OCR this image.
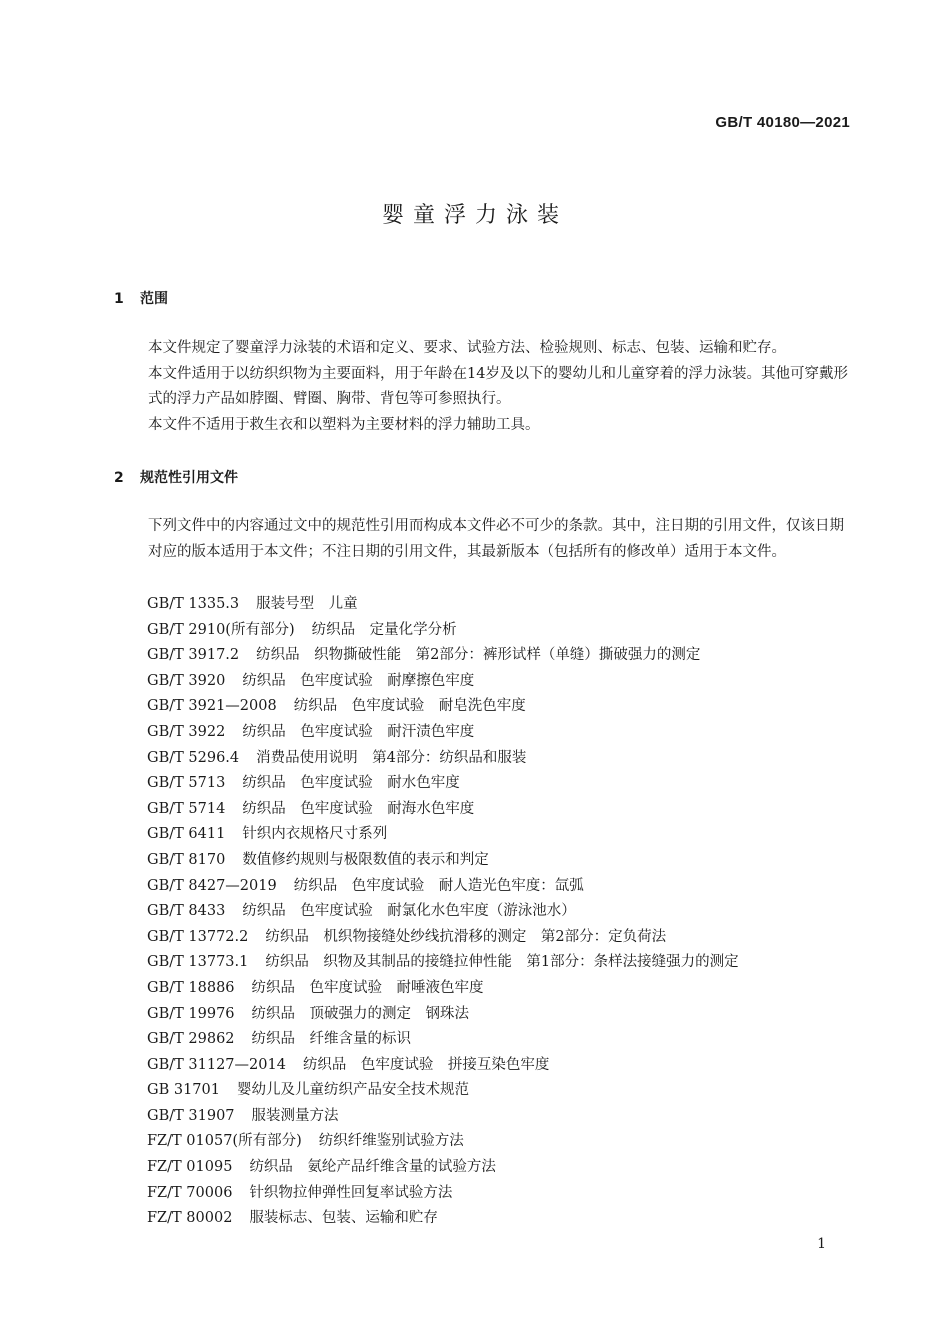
GB/T 40180—2021
婴童浮力泳装
1 范围
本文件规定了婴童浮力泳装的术语和定义、要求、试验方法、检验规则、标志、包装、运输和贮存。
本文件适用于以纺织织物为主要面料，用于年龄在14岁及以下的婴幼儿和儿童穿着的浮力泳装。其他可穿戴形式的浮力产品如脖圈、臂圈、胸带、背包等可参照执行。
本文件不适用于救生衣和以塑料为主要材料的浮力辅助工具。
2 规范性引用文件
下列文件中的内容通过文中的规范性引用而构成本文件必不可少的条款。其中，注日期的引用文件，仅该日期对应的版本适用于本文件；不注日期的引用文件，其最新版本（包括所有的修改单）适用于本文件。
GB/T 1335.3 服装号型　儿童
GB/T 2910(所有部分) 纺织品　定量化学分析
GB/T 3917.2 纺织品　织物撕破性能　第2部分：裤形试样（单缝）撕破强力的测定
GB/T 3920 纺织品　色牢度试验　耐摩擦色牢度
GB/T 3921—2008 纺织品　色牢度试验　耐皂洗色牢度
GB/T 3922 纺织品　色牢度试验　耐汗渍色牢度
GB/T 5296.4 消费品使用说明　第4部分：纺织品和服装
GB/T 5713 纺织品　色牢度试验　耐水色牢度
GB/T 5714 纺织品　色牢度试验　耐海水色牢度
GB/T 6411 针织内衣规格尺寸系列
GB/T 8170 数值修约规则与极限数值的表示和判定
GB/T 8427—2019 纺织品　色牢度试验　耐人造光色牢度：氙弧
GB/T 8433 纺织品　色牢度试验　耐氯化水色牢度（游泳池水）
GB/T 13772.2 纺织品　机织物接缝处纱线抗滑移的测定　第2部分：定负荷法
GB/T 13773.1 纺织品　织物及其制品的接缝拉伸性能　第1部分：条样法接缝强力的测定
GB/T 18886 纺织品　色牢度试验　耐唾液色牢度
GB/T 19976 纺织品　顶破强力的测定　钢珠法
GB/T 29862 纺织品　纤维含量的标识
GB/T 31127—2014 纺织品　色牢度试验　拼接互染色牢度
GB 31701 婴幼儿及儿童纺织产品安全技术规范
GB/T 31907 服装测量方法
FZ/T 01057(所有部分) 纺织纤维鉴别试验方法
FZ/T 01095 纺织品　氨纶产品纤维含量的试验方法
FZ/T 70006 针织物拉伸弹性回复率试验方法
FZ/T 80002 服装标志、包装、运输和贮存
1
